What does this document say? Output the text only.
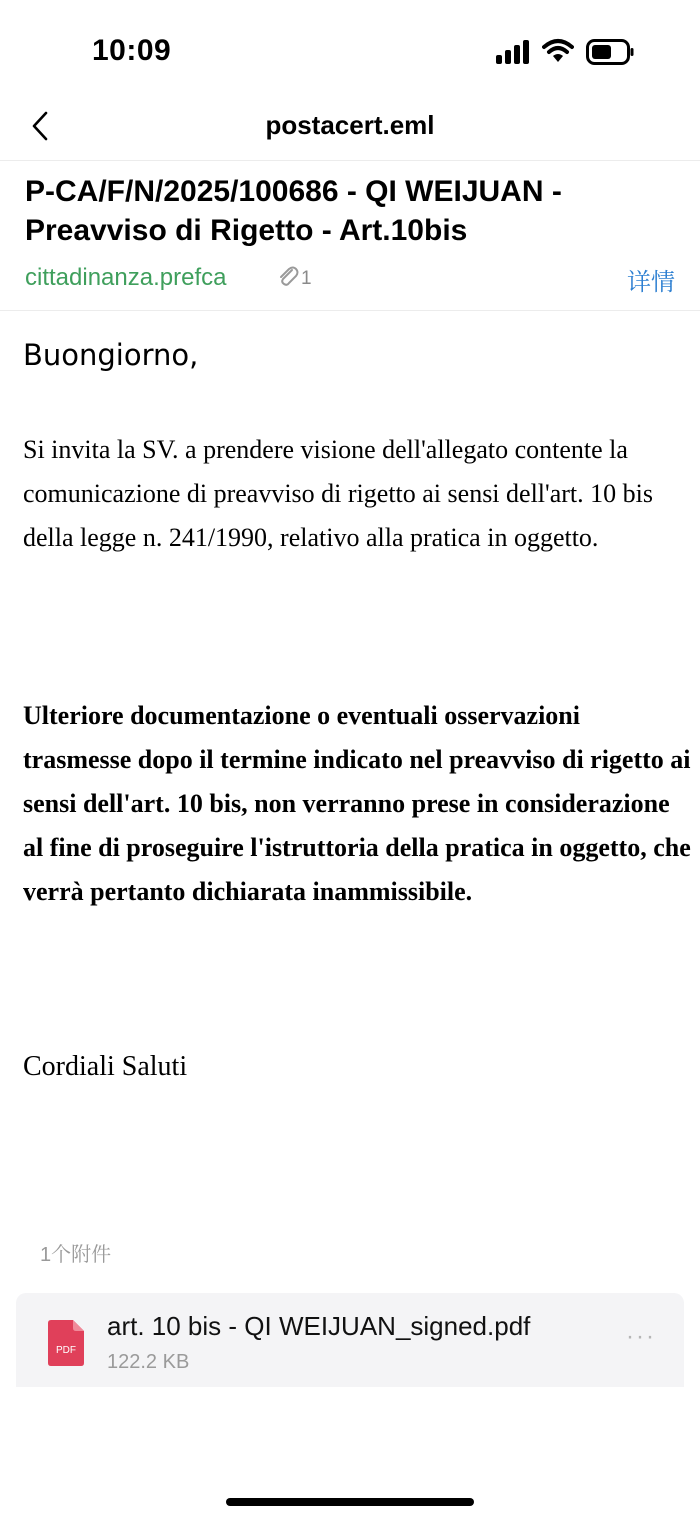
10:09
postacert.eml
P-CA/F/N/2025/100686 - QI WEIJUAN - Preavviso di Rigetto - Art.10bis
cittadinanza.prefca	1	详情
Buongiorno,
Si invita la SV. a prendere visione dell'allegato contente la comunicazione di preavviso di rigetto ai sensi dell'art. 10 bis della legge n. 241/1990, relativo alla pratica in oggetto.
Ulteriore documentazione o eventuali osservazioni trasmesse dopo il termine indicato nel preavviso di rigetto ai sensi dell'art. 10 bis, non verranno prese in considerazione al fine di proseguire l'istruttoria della pratica in oggetto, che verrà pertanto dichiarata inammissibile.
Cordiali Saluti
1个附件
PDF
art. 10 bis - QI WEIJUAN_signed.pdf
122.2 KB
···
